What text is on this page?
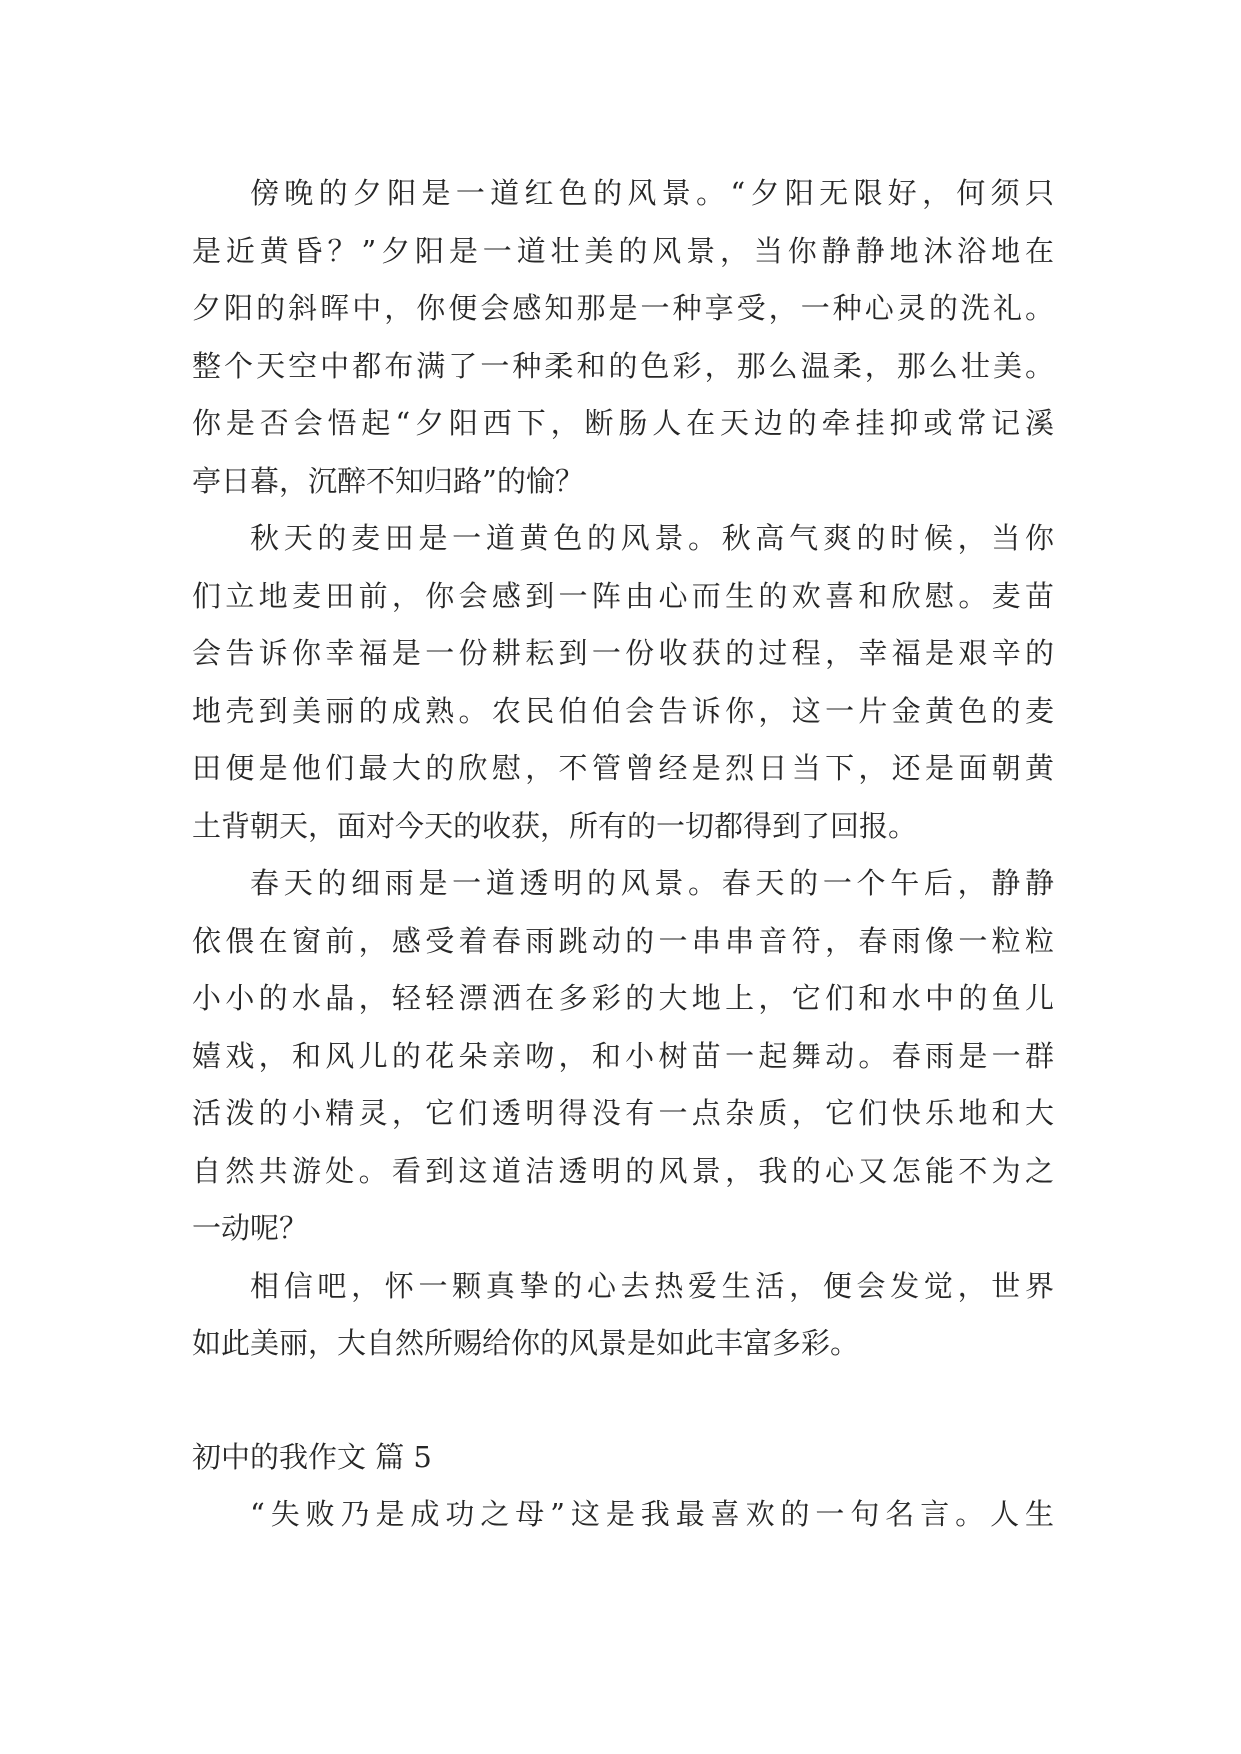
傍晚的夕阳是一道红色的风景。“夕阳无限好，何须只
是近黄昏？”夕阳是一道壮美的风景，当你静静地沐浴地在
夕阳的斜晖中，你便会感知那是一种享受，一种心灵的洗礼。
整个天空中都布满了一种柔和的色彩，那么温柔，那么壮美。
你是否会悟起“夕阳西下，断肠人在天边的牵挂抑或常记溪
亭日暮，沉醉不知归路”的愉？
秋天的麦田是一道黄色的风景。秋高气爽的时候，当你
们立地麦田前，你会感到一阵由心而生的欢喜和欣慰。麦苗
会告诉你幸福是一份耕耘到一份收获的过程，幸福是艰辛的
地壳到美丽的成熟。农民伯伯会告诉你，这一片金黄色的麦
田便是他们最大的欣慰，不管曾经是烈日当下，还是面朝黄
土背朝天，面对今天的收获，所有的一切都得到了回报。
春天的细雨是一道透明的风景。春天的一个午后，静静
依偎在窗前，感受着春雨跳动的一串串音符，春雨像一粒粒
小小的水晶，轻轻漂洒在多彩的大地上，它们和水中的鱼儿
嬉戏，和风儿的花朵亲吻，和小树苗一起舞动。春雨是一群
活泼的小精灵，它们透明得没有一点杂质，它们快乐地和大
自然共游处。看到这道洁透明的风景，我的心又怎能不为之
一动呢？
相信吧，怀一颗真挚的心去热爱生活，便会发觉，世界
如此美丽，大自然所赐给你的风景是如此丰富多彩。
初中的我作文 篇 5
“失败乃是成功之母”这是我最喜欢的一句名言。人生
